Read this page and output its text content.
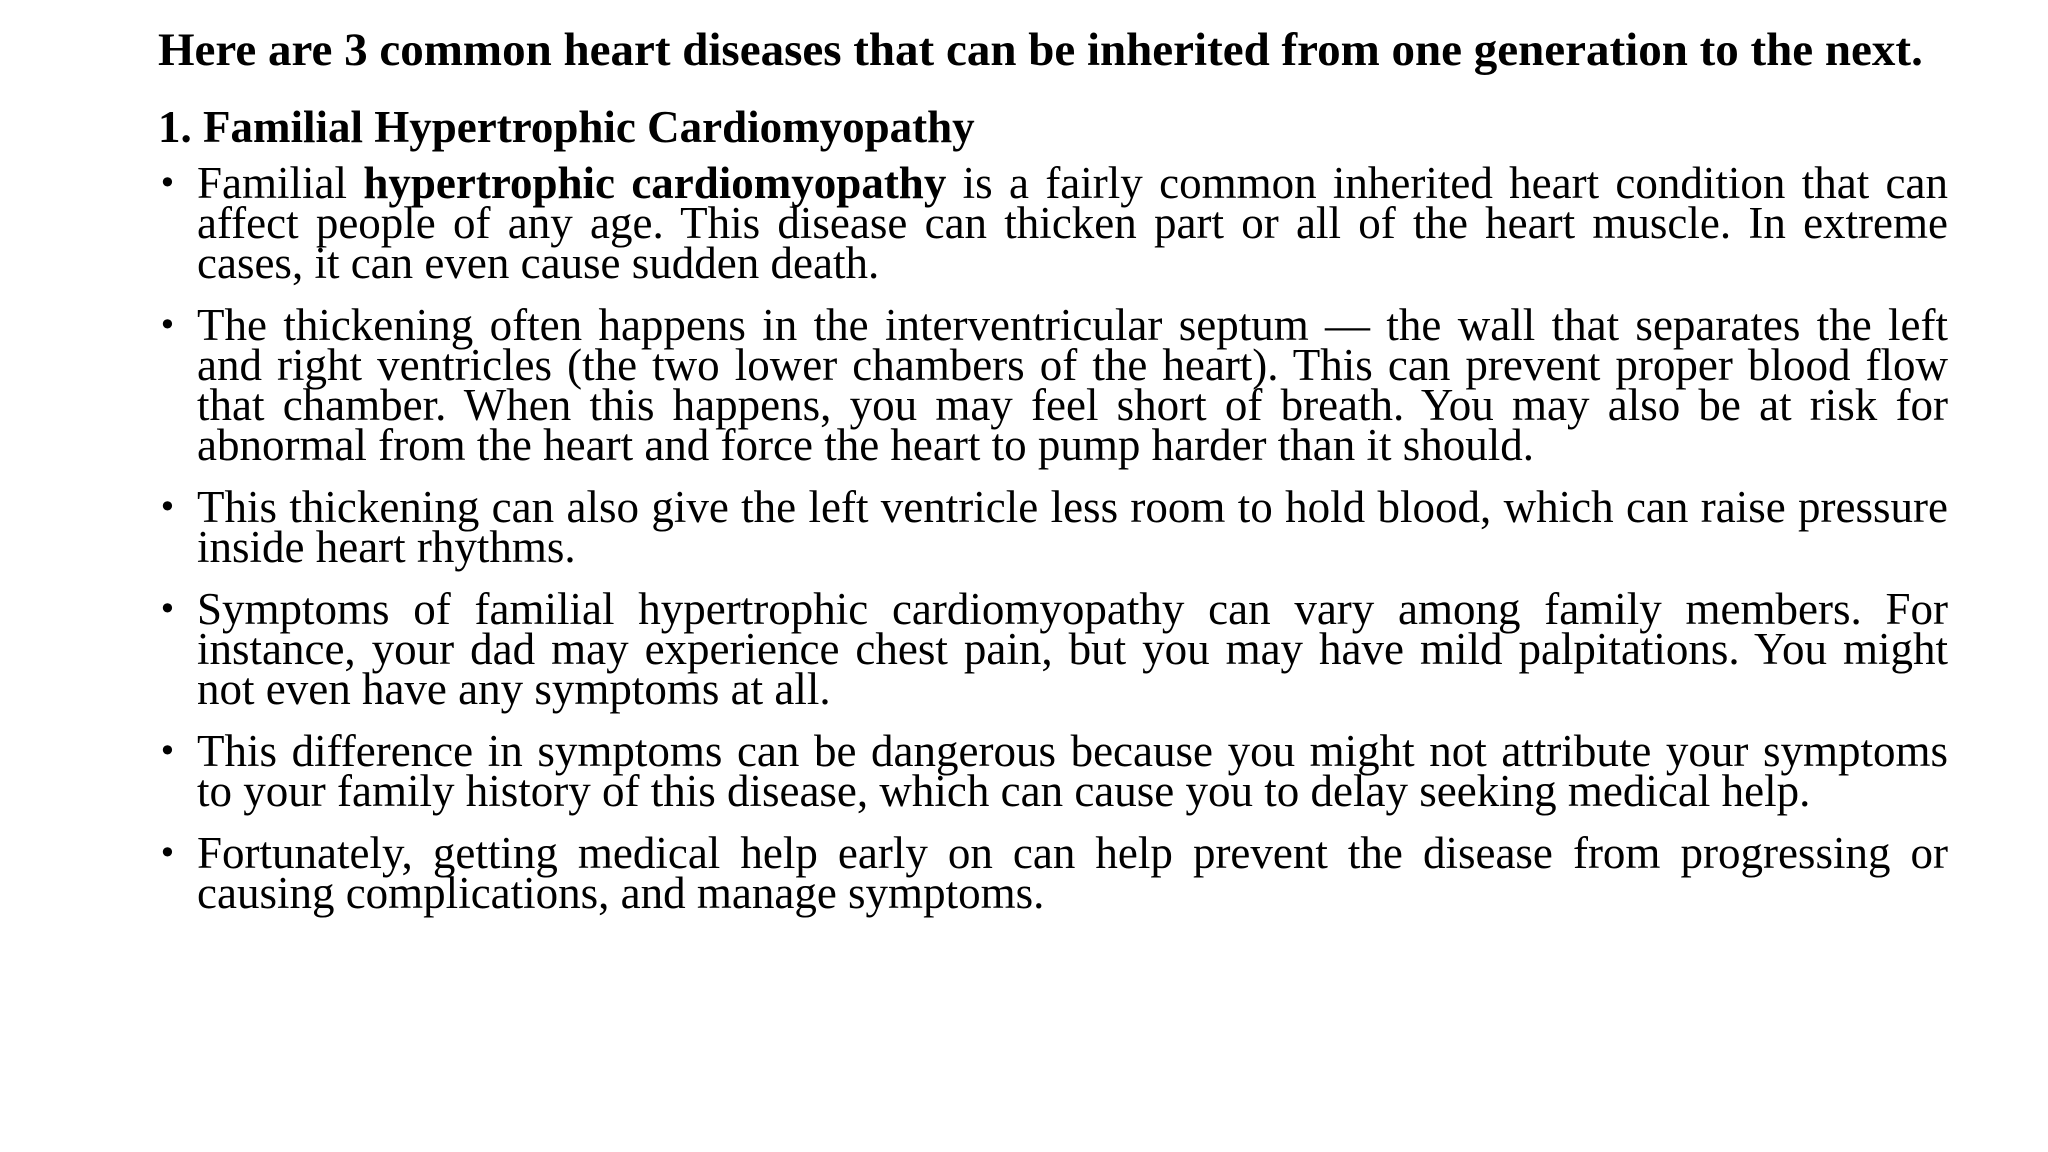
Here are 3 common heart diseases that can be inherited from one generation to the next.
1. Familial Hypertrophic Cardiomyopathy
• Familial hypertrophic cardiomyopathy is a fairly common inherited heart condition that can affect people of any age. This disease can thicken part or all of the heart muscle. In extreme cases, it can even cause sudden death.
• The thickening often happens in the interventricular septum — the wall that separates the left and right ventricles (the two lower chambers of the heart). This can prevent proper blood flow that chamber. When this happens, you may feel short of breath. You may also be at risk for abnormal from the heart and force the heart to pump harder than it should.
• This thickening can also give the left ventricle less room to hold blood, which can raise pressure inside heart rhythms.
• Symptoms of familial hypertrophic cardiomyopathy can vary among family members. For instance, your dad may experience chest pain, but you may have mild palpitations. You might not even have any symptoms at all.
• This difference in symptoms can be dangerous because you might not attribute your symptoms to your family history of this disease, which can cause you to delay seeking medical help.
• Fortunately, getting medical help early on can help prevent the disease from progressing or causing complications, and manage symptoms.
